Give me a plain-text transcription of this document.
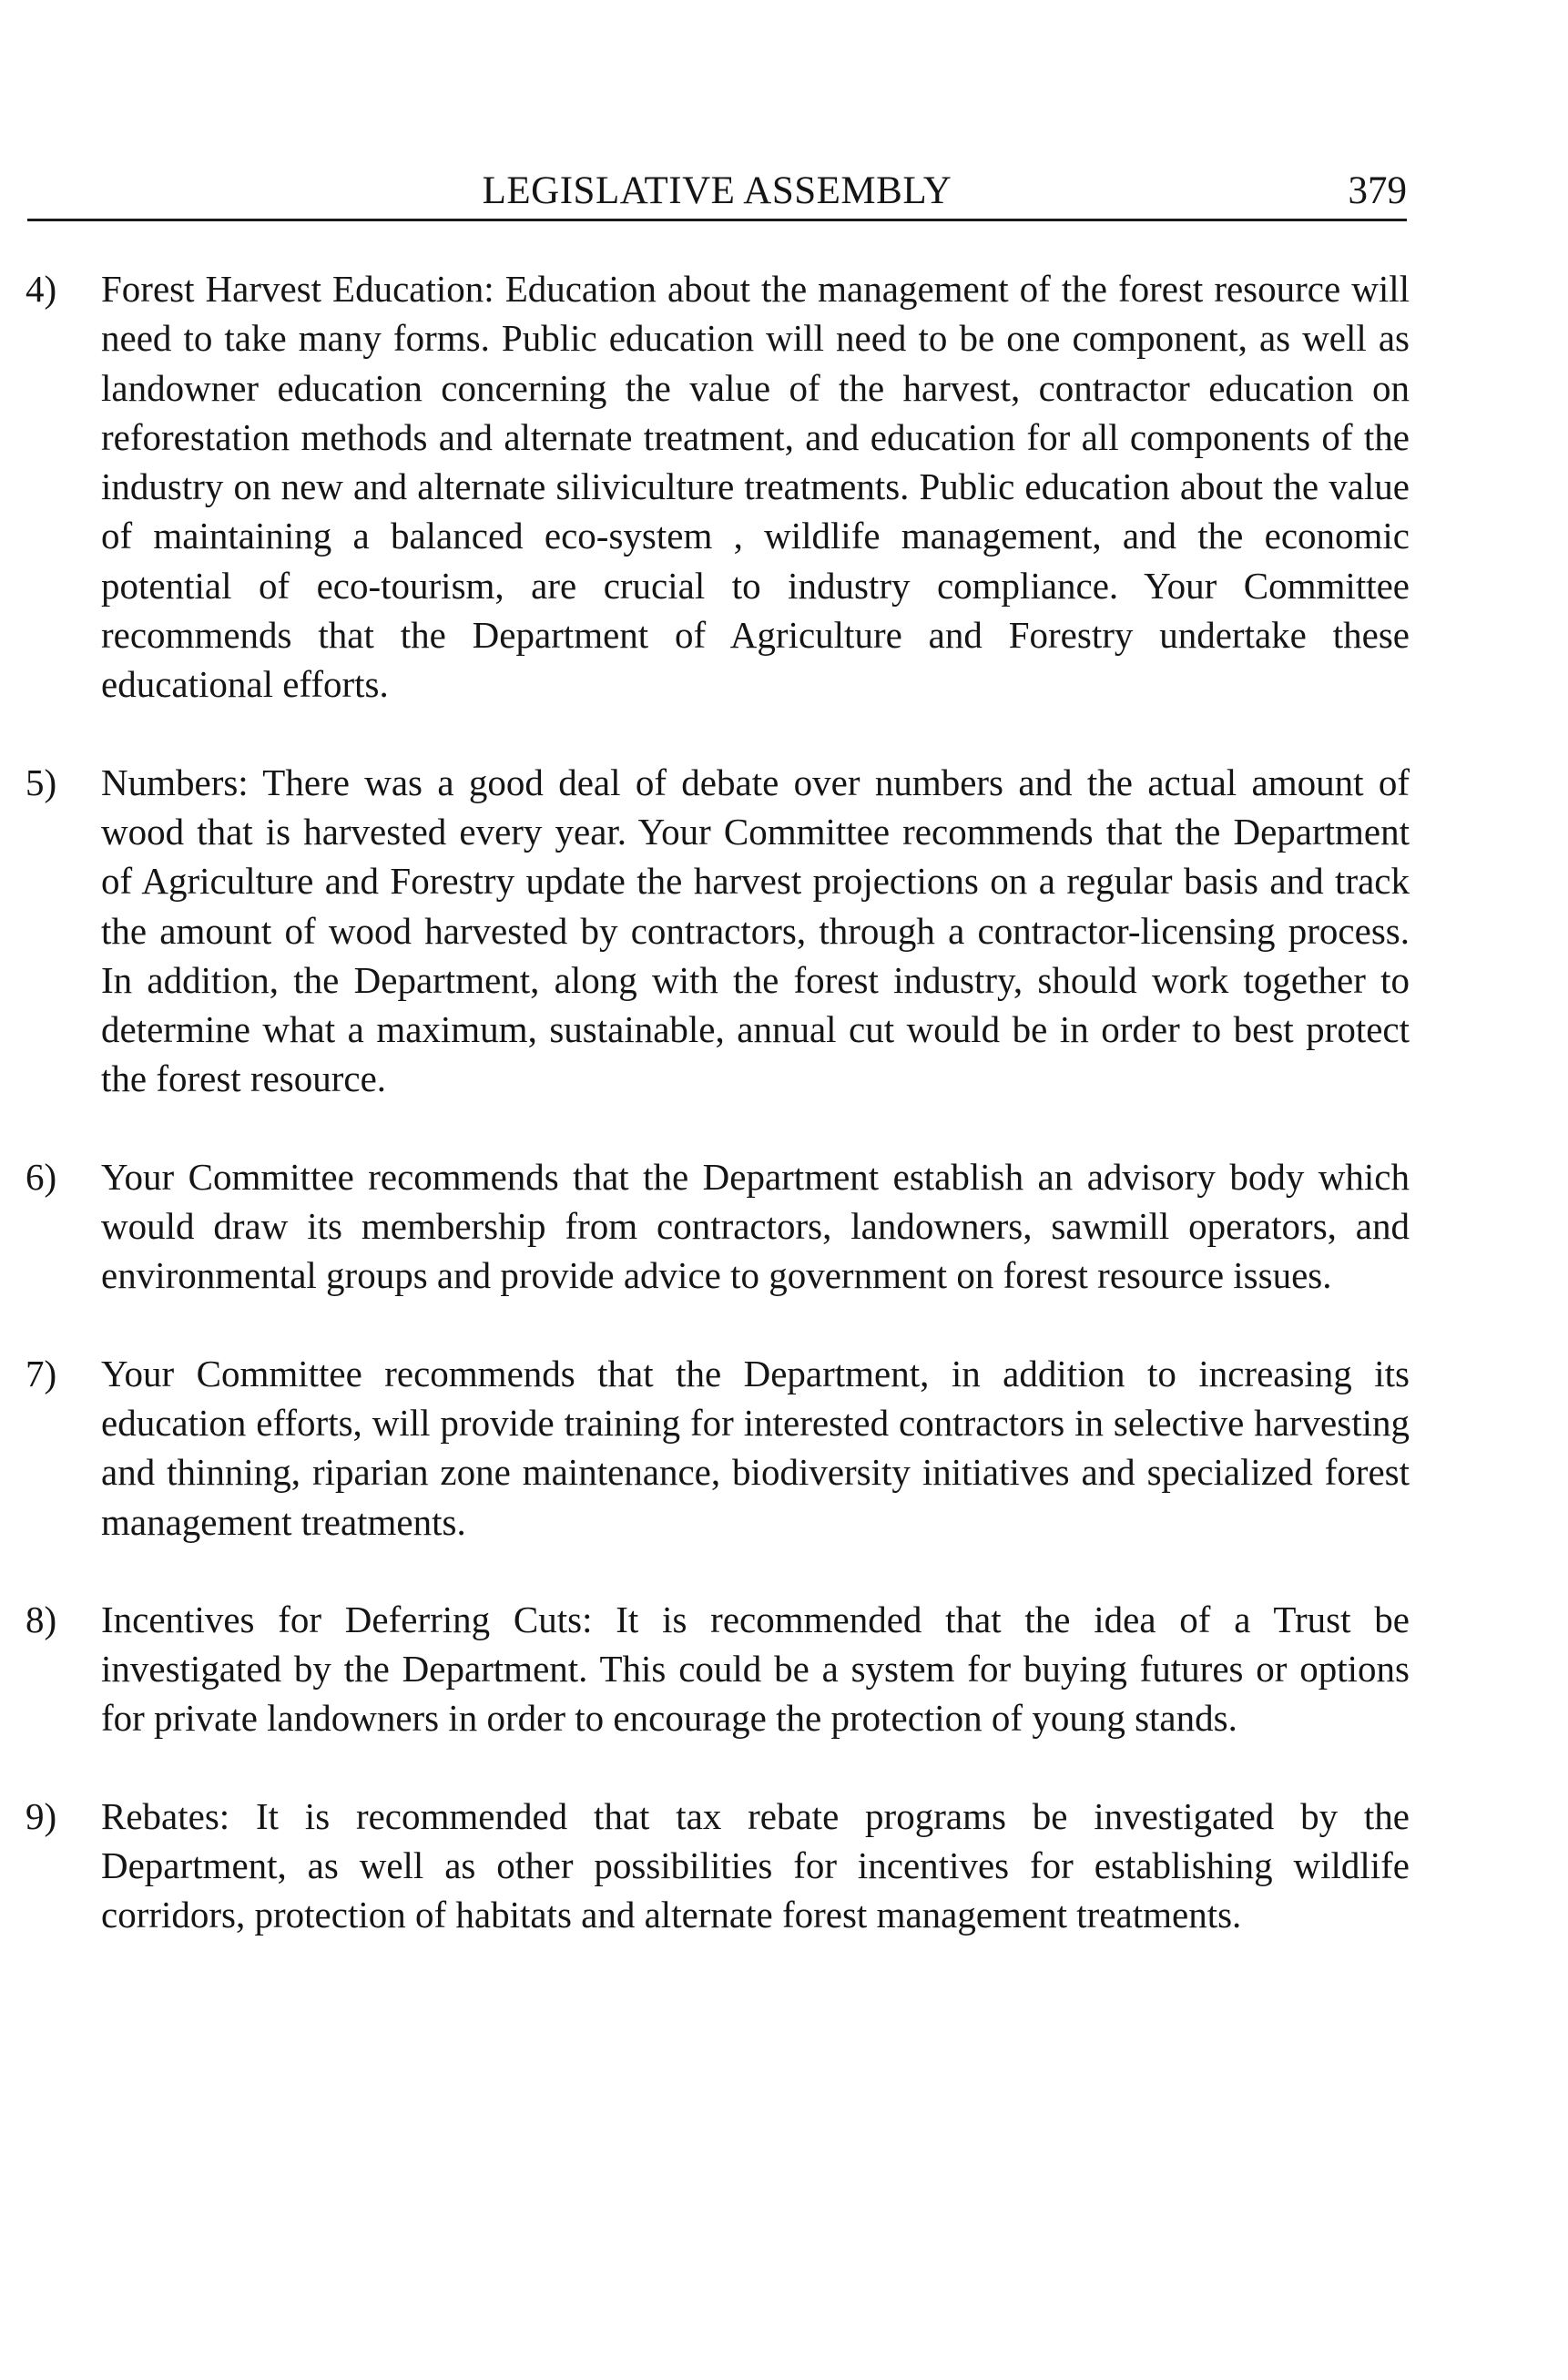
LEGISLATIVE ASSEMBLY	379
4) Forest Harvest Education: Education about the management of the forest resource will need to take many forms. Public education will need to be one component, as well as landowner education concerning the value of the harvest, contractor education on reforestation methods and alternate treatment, and education for all components of the industry on new and alternate siliviculture treatments. Public education about the value of maintaining a balanced eco-system , wildlife management, and the economic potential of eco-tourism, are crucial to industry compliance. Your Committee recommends that the Department of Agriculture and Forestry undertake these educational efforts.
5) Numbers: There was a good deal of debate over numbers and the actual amount of wood that is harvested every year. Your Committee recommends that the Department of Agriculture and Forestry update the harvest projections on a regular basis and track the amount of wood harvested by contractors, through a contractor-licensing process. In addition, the Department, along with the forest industry, should work together to determine what a maximum, sustainable, annual cut would be in order to best protect the forest resource.
6) Your Committee recommends that the Department establish an advisory body which would draw its membership from contractors, landowners, sawmill operators, and environmental groups and provide advice to government on forest resource issues.
7) Your Committee recommends that the Department, in addition to increasing its education efforts, will provide training for interested contractors in selective harvesting and thinning, riparian zone maintenance, biodiversity initiatives and specialized forest management treatments.
8) Incentives for Deferring Cuts: It is recommended that the idea of a Trust be investigated by the Department. This could be a system for buying futures or options for private landowners in order to encourage the protection of young stands.
9) Rebates: It is recommended that tax rebate programs be investigated by the Department, as well as other possibilities for incentives for establishing wildlife corridors, protection of habitats and alternate forest management treatments.
